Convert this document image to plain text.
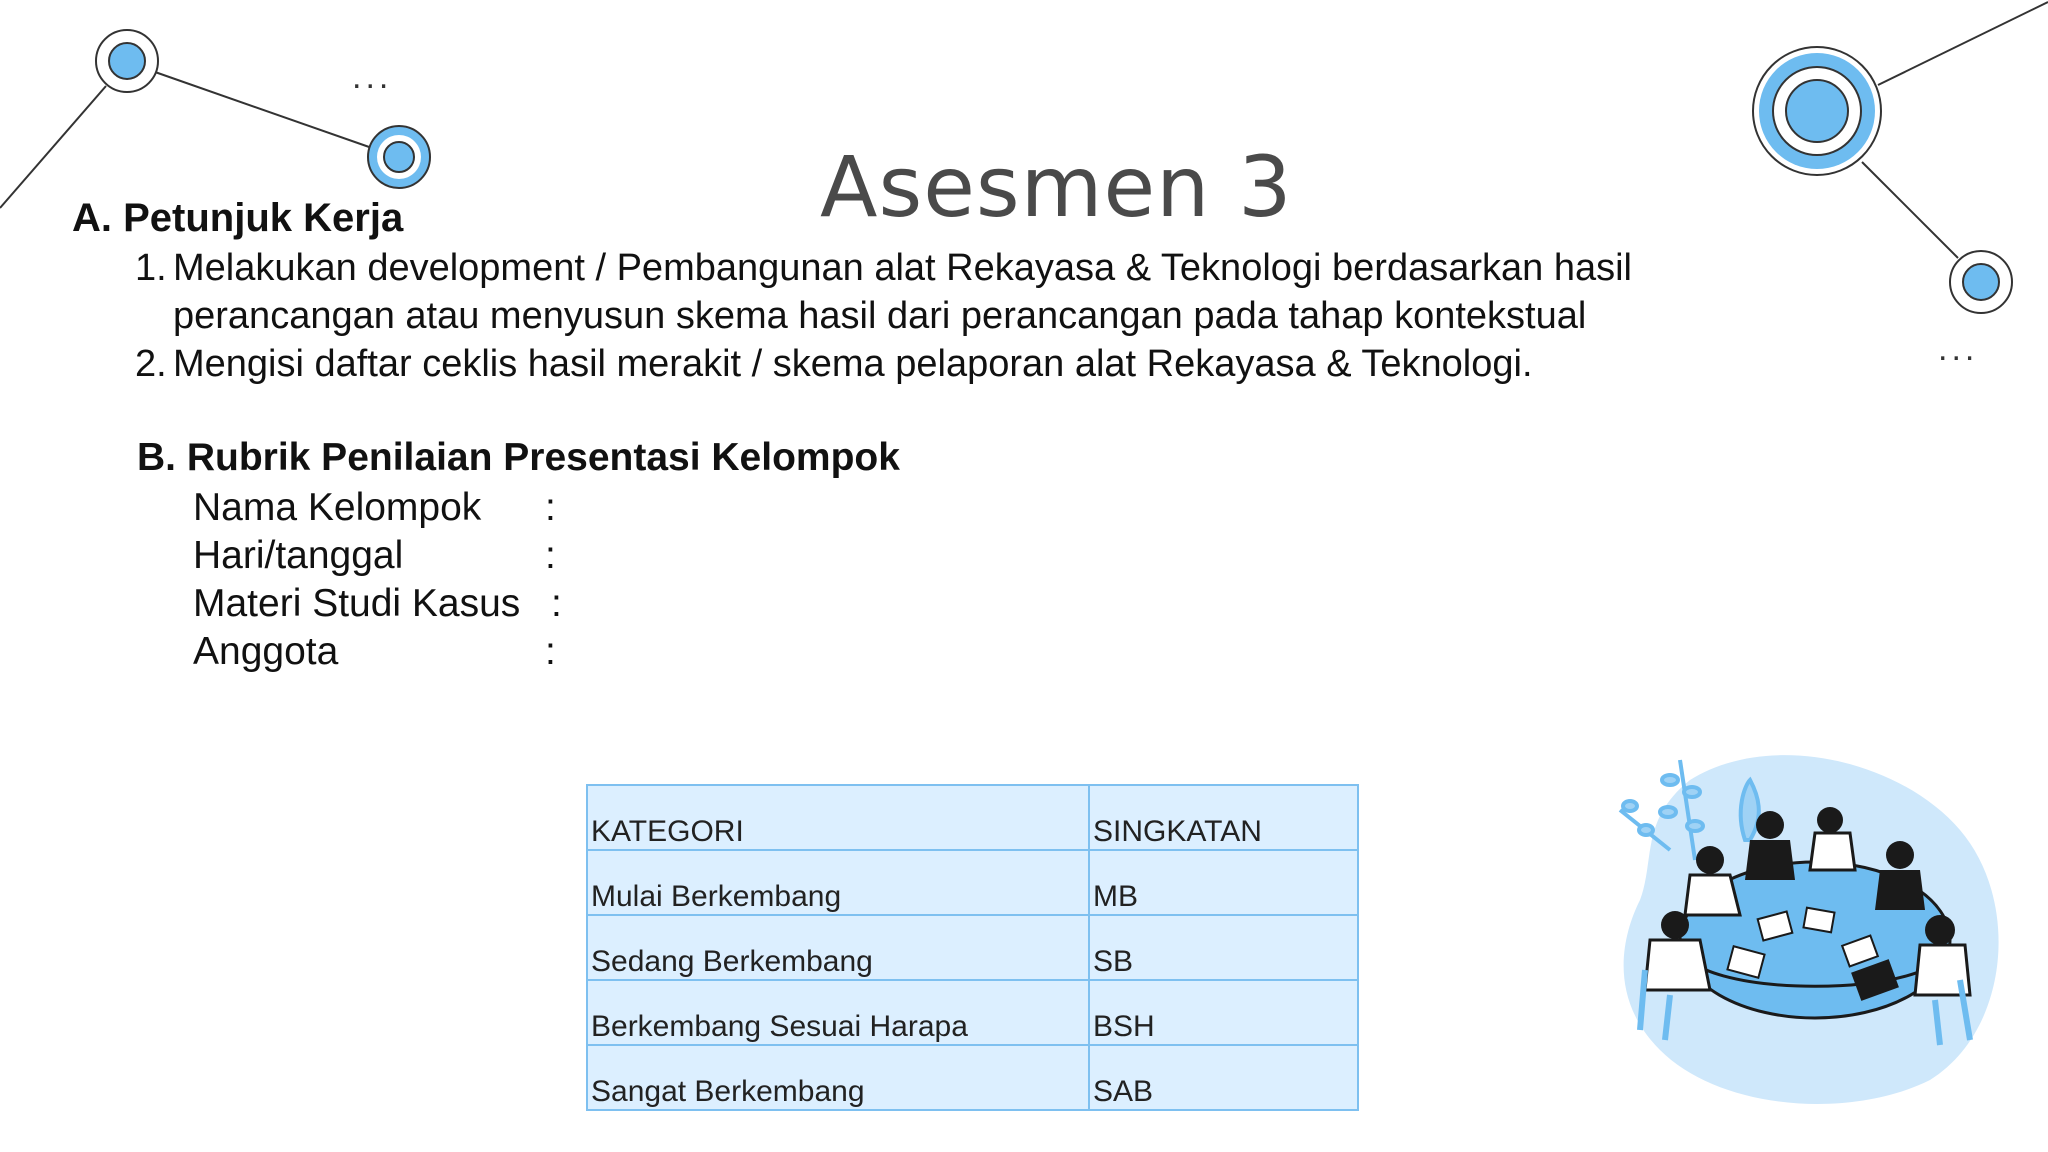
...
...
Asesmen 3
A. Petunjuk Kerja
1. Melakukan development / Pembangunan alat Rekayasa & Teknologi berdasarkan hasil
perancangan atau menyusun skema hasil dari perancangan pada tahap kontekstual
2. Mengisi daftar ceklis hasil merakit / skema pelaporan alat Rekayasa & Teknologi.
B. Rubrik Penilaian Presentasi Kelompok
Nama Kelompok :
Hari/tanggal	:
Materi Studi Kasus :
Anggota	:
KATEGORI	SINGKATAN
Mulai Berkembang	MB
Sedang Berkembang	SB
Berkembang Sesuai Harapa	BSH
Sangat Berkembang	SAB
